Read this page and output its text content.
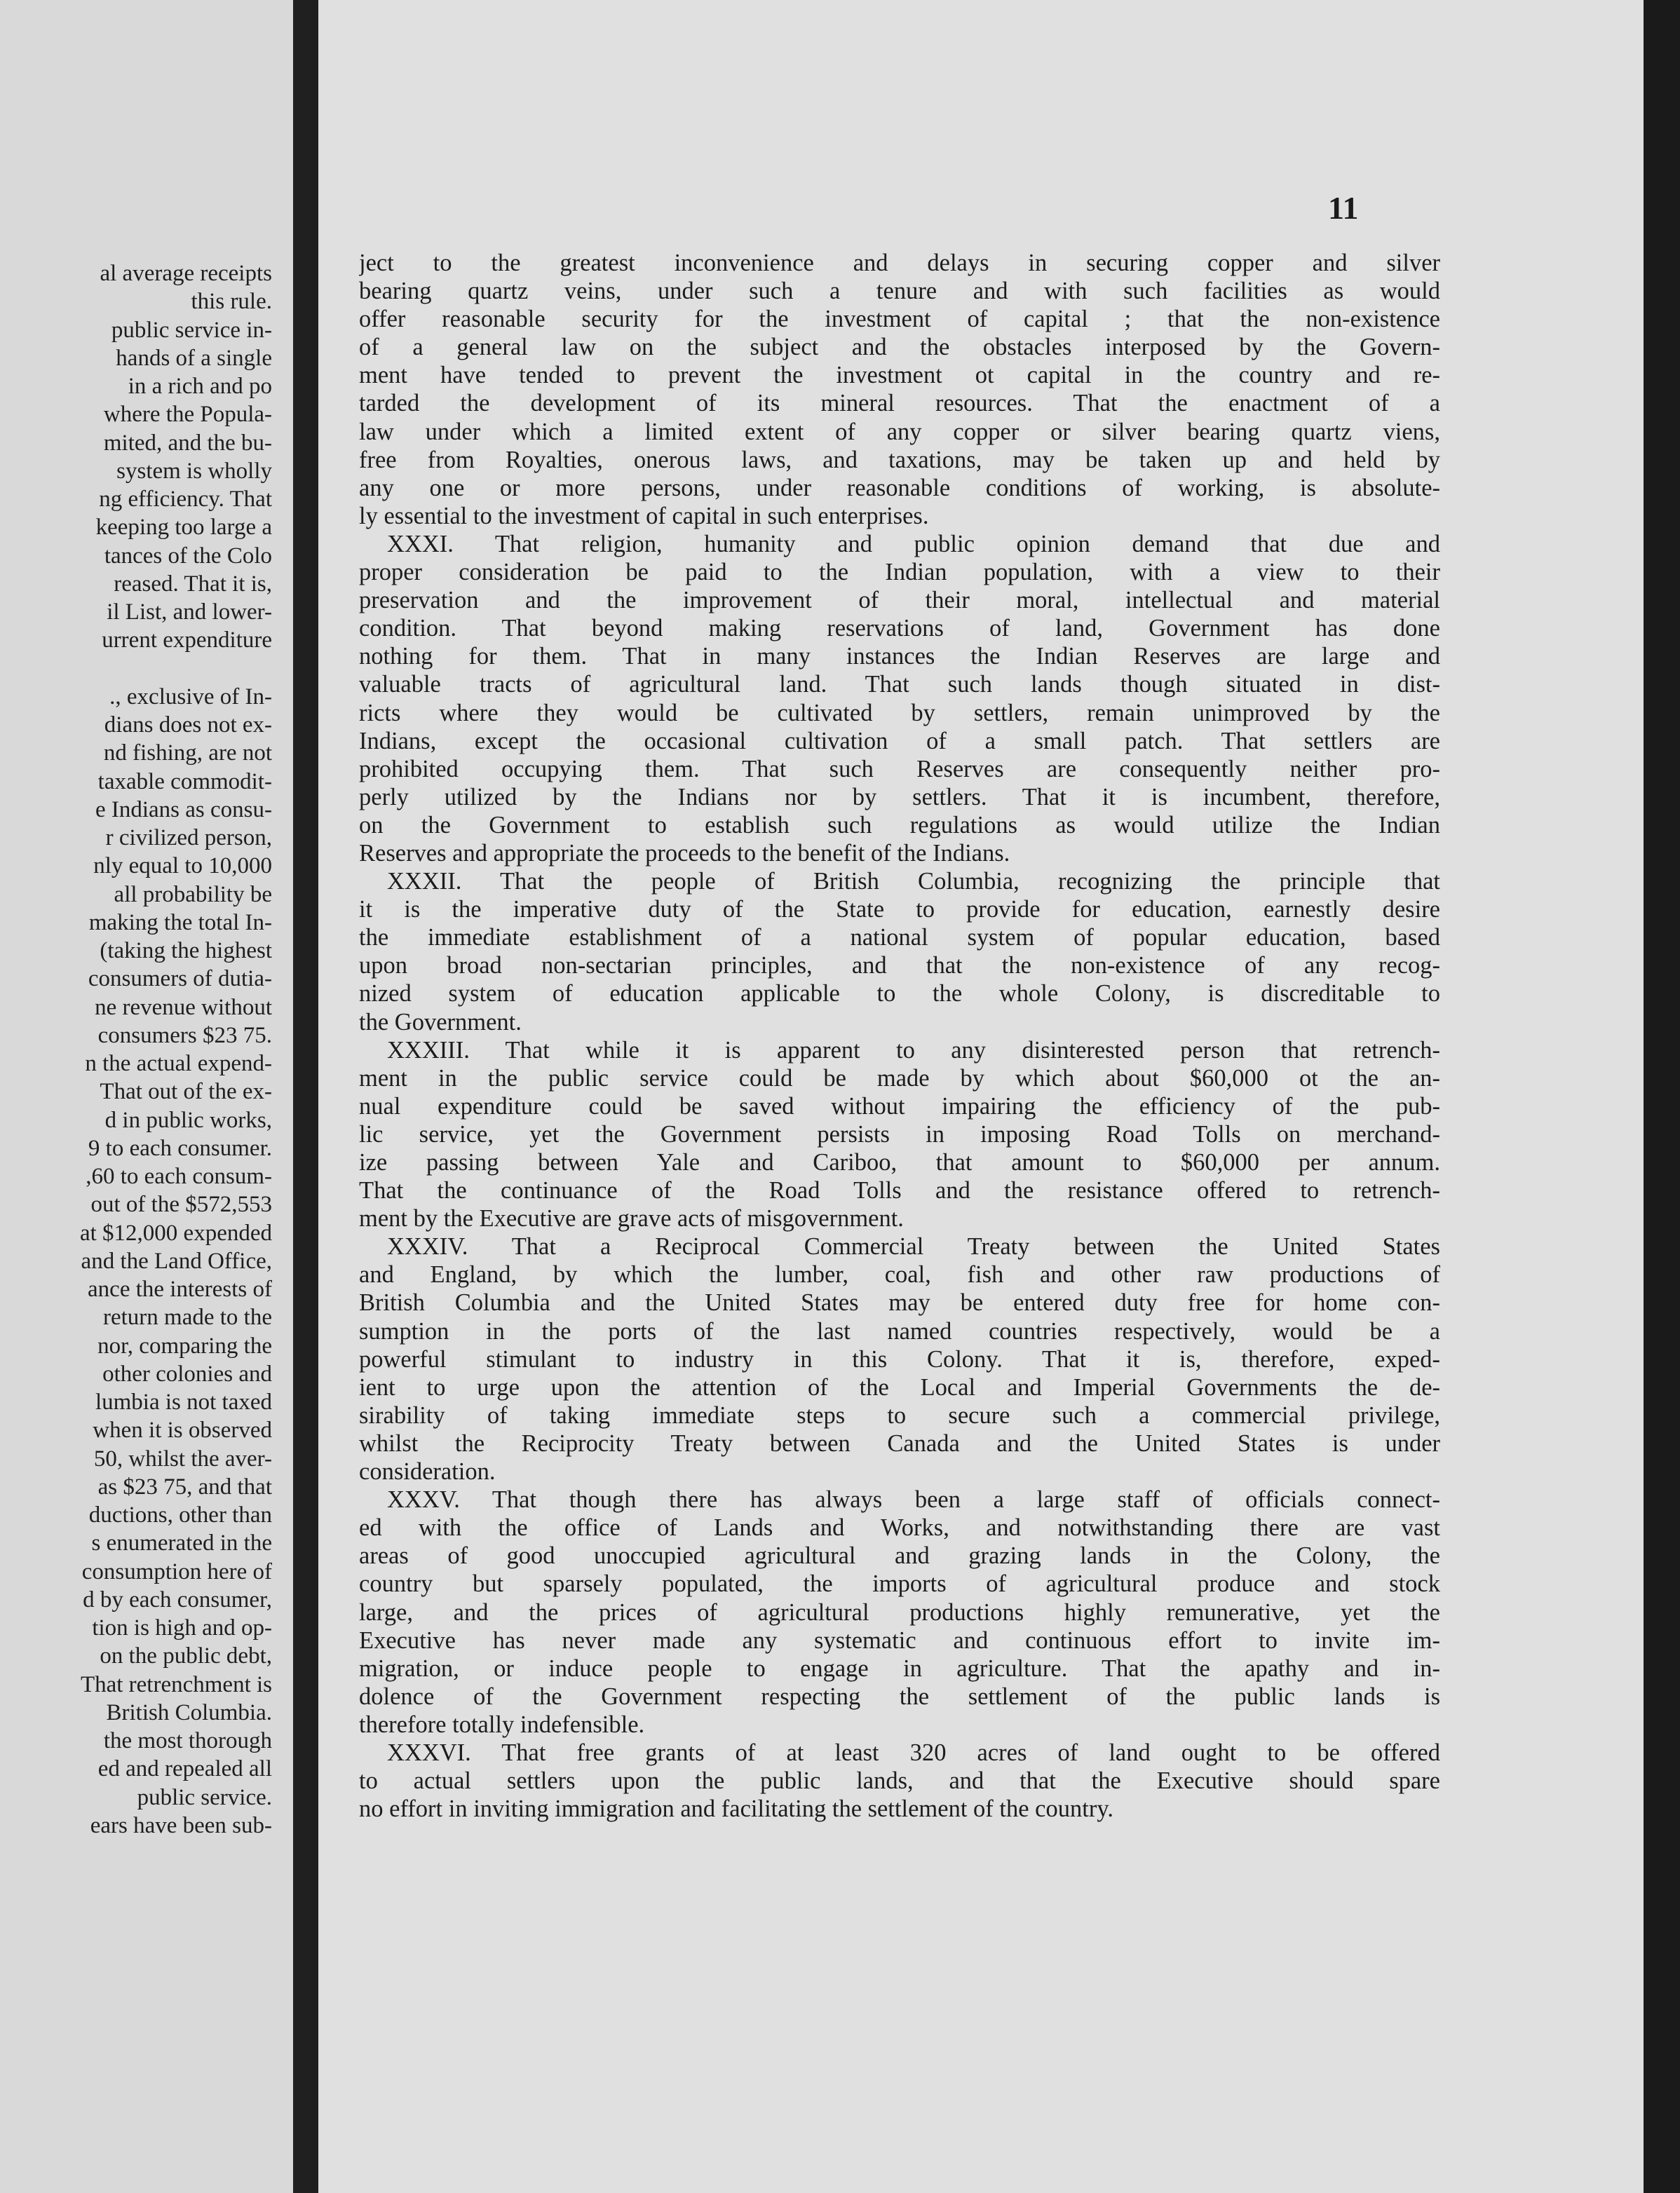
al average receipts
this rule.
public service in-
hands of a single
in a rich and po
where the Popula-
mited, and the bu-
system is wholly
ng efficiency. That
keeping too large a
tances of the Colo
reased. That it is,
il List, and lower-
urrent expenditure
., exclusive of In-
dians does not ex-
nd fishing, are not
taxable commodit-
e Indians as consu-
r civilized person,
nly equal to 10,000
all probability be
making the total In-
(taking the highest
consumers of dutia-
ne revenue without
consumers $23 75.
n the actual expend-
That out of the ex-
d in public works,
9 to each consumer.
,60 to each consum-
out of the $572,553
at $12,000 expended
and the Land Office,
ance the interests of
return made to the
nor, comparing the
other colonies and
lumbia is not taxed
when it is observed
50, whilst the aver-
as $23 75, and that
ductions, other than
s enumerated in the
consumption here of
d by each consumer,
tion is high and op-
on the public debt,
That retrenchment is
British Columbia.
the most thorough
ed and repealed all
public service.
ears have been sub-
11
ject to the greatest inconvenience and delays in securing copper and silver
bearing quartz veins, under such a tenure and with such facilities as would
offer reasonable security for the investment of capital ; that the non-existence
of a general law on the subject and the obstacles interposed by the Govern-
ment have tended to prevent the investment ot capital in the country and re-
tarded the development of its mineral resources. That the enactment of a
law under which a limited extent of any copper or silver bearing quartz viens,
free from Royalties, onerous laws, and taxations, may be taken up and held by
any one or more persons, under reasonable conditions of working, is absolute-
ly essential to the investment of capital in such enterprises.
XXXI. That religion, humanity and public opinion demand that due and
proper consideration be paid to the Indian population, with a view to their
preservation and the improvement of their moral, intellectual and material
condition. That beyond making reservations of land, Government has done
nothing for them. That in many instances the Indian Reserves are large and
valuable tracts of agricultural land. That such lands though situated in dist-
ricts where they would be cultivated by settlers, remain unimproved by the
Indians, except the occasional cultivation of a small patch. That settlers are
prohibited occupying them. That such Reserves are consequently neither pro-
perly utilized by the Indians nor by settlers. That it is incumbent, therefore,
on the Government to establish such regulations as would utilize the Indian
Reserves and appropriate the proceeds to the benefit of the Indians.
XXXII. That the people of British Columbia, recognizing the principle that
it is the imperative duty of the State to provide for education, earnestly desire
the immediate establishment of a national system of popular education, based
upon broad non-sectarian principles, and that the non-existence of any recog-
nized system of education applicable to the whole Colony, is discreditable to
the Government.
XXXIII. That while it is apparent to any disinterested person that retrench-
ment in the public service could be made by which about $60,000 ot the an-
nual expenditure could be saved without impairing the efficiency of the pub-
lic service, yet the Government persists in imposing Road Tolls on merchand-
ize passing between Yale and Cariboo, that amount to $60,000 per annum.
That the continuance of the Road Tolls and the resistance offered to retrench-
ment by the Executive are grave acts of misgovernment.
XXXIV. That a Reciprocal Commercial Treaty between the United States
and England, by which the lumber, coal, fish and other raw productions of
British Columbia and the United States may be entered duty free for home con-
sumption in the ports of the last named countries respectively, would be a
powerful stimulant to industry in this Colony. That it is, therefore, exped-
ient to urge upon the attention of the Local and Imperial Governments the de-
sirability of taking immediate steps to secure such a commercial privilege,
whilst the Reciprocity Treaty between Canada and the United States is under
consideration.
XXXV. That though there has always been a large staff of officials connect-
ed with the office of Lands and Works, and notwithstanding there are vast
areas of good unoccupied agricultural and grazing lands in the Colony, the
country but sparsely populated, the imports of agricultural produce and stock
large, and the prices of agricultural productions highly remunerative, yet the
Executive has never made any systematic and continuous effort to invite im-
migration, or induce people to engage in agriculture. That the apathy and in-
dolence of the Government respecting the settlement of the public lands is
therefore totally indefensible.
XXXVI. That free grants of at least 320 acres of land ought to be offered
to actual settlers upon the public lands, and that the Executive should spare
no effort in inviting immigration and facilitating the settlement of the country.
